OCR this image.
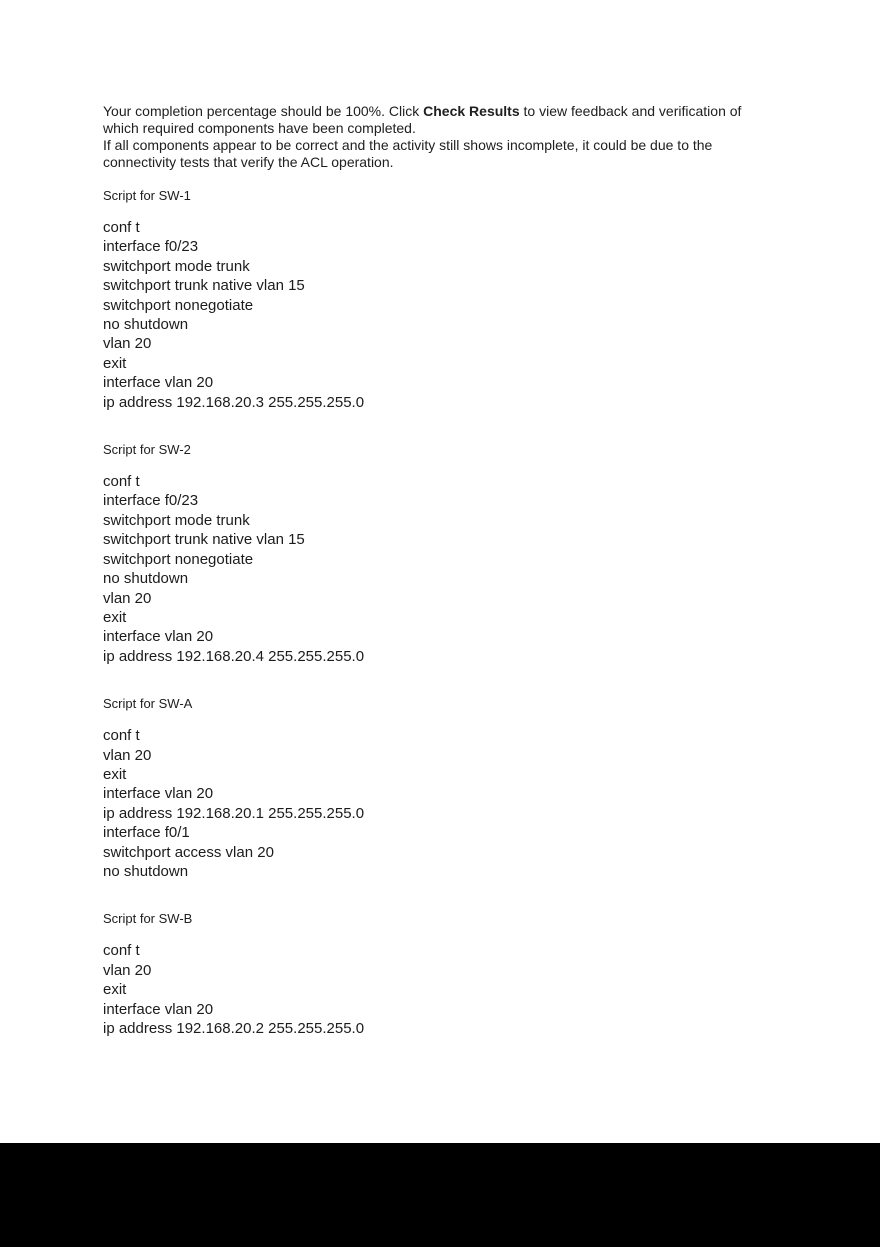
Your completion percentage should be 100%. Click Check Results to view feedback and verification of
which required components have been completed.
If all components appear to be correct and the activity still shows incomplete, it could be due to the
connectivity tests that verify the ACL operation.
Script for SW-1
conf t
interface f0/23
switchport mode trunk
switchport trunk native vlan 15
switchport nonegotiate
no shutdown
vlan 20
exit
interface vlan 20
ip address 192.168.20.3 255.255.255.0
Script for SW-2
conf t
interface f0/23
switchport mode trunk
switchport trunk native vlan 15
switchport nonegotiate
no shutdown
vlan 20
exit
interface vlan 20
ip address 192.168.20.4 255.255.255.0
Script for SW-A
conf t
vlan 20
exit
interface vlan 20
ip address 192.168.20.1 255.255.255.0
interface f0/1
switchport access vlan 20
no shutdown
Script for SW-B
conf t
vlan 20
exit
interface vlan 20
ip address 192.168.20.2 255.255.255.0
